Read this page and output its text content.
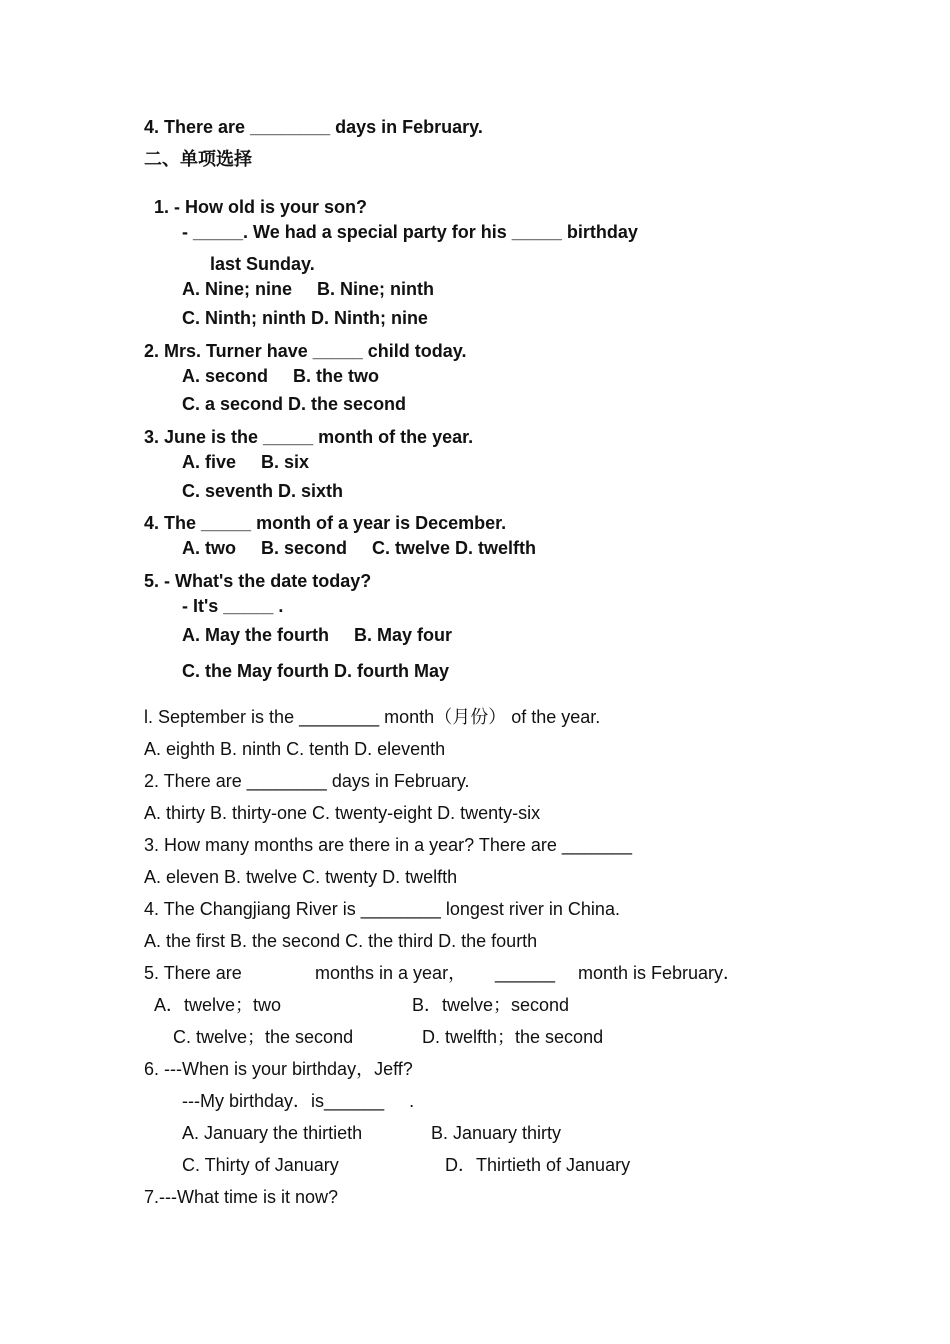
4. There are ________ days in February.
二、单项选择
1. - How old is your son?
- _____. We had a special party for his _____ birthday
last Sunday.
A. Nine; nine     B. Nine; ninth
C. Ninth; ninth D. Ninth; nine
2. Mrs. Turner have _____ child today.
A. second     B. the two
C. a second D. the second
3. June is the _____ month of the year.
A. five     B. six
C. seventh D. sixth
4. The _____ month of a year is December.
A. two     B. second     C. twelve D. twelfth
5. - What's the date today?
- It's _____ .
A. May the fourth     B. May four
C. the May fourth D. fourth May
l. September is the ________ month（月份） of the year.
A. eighth B. ninth C. tenth D. eleventh
2. There are ________ days in February.
A. thirty B. thirty-one C. twenty-eight D. twenty-six
3. How many months are there in a year? There are _______
A. eleven B. twelve C. twenty D. twelfth
4. The Changjiang River is ________ longest river in China.
A. the first B. the second C. the third D. the fourth
5. There are	months in a year， ______ month is February．
A．twelve；two	B．twelve；second
C. twelve；the second	D. twelfth；the second
6. ---When is your birthday，Jeff?
---My birthday．is______     .
A. January the thirtieth	B. January thirty
C. Thirty of January	D．Thirtieth of January
7.---What time is it now?
